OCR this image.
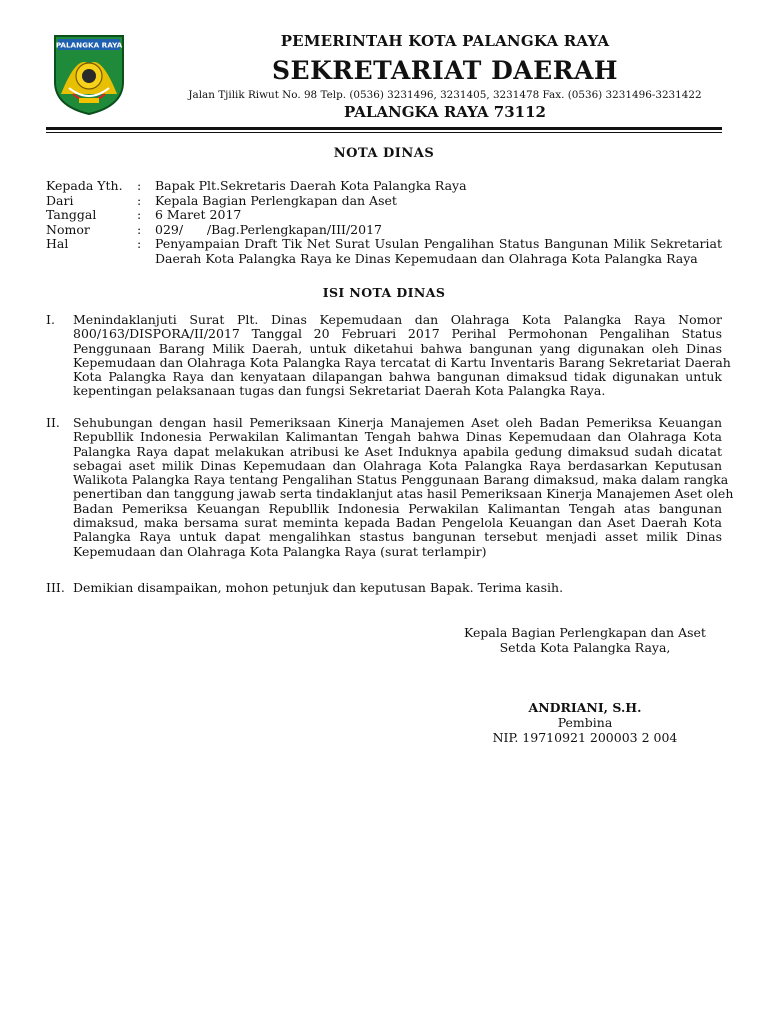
PALANGKA RAYA	PEMERINTAH KOTA PALANGKA RAYA
SEKRETARIAT DAERAH
Jalan Tjilik Riwut No. 98 Telp. (0536) 3231496, 3231405, 3231478 Fax. (0536) 3231496-3231422
PALANGKA RAYA 73112
NOTA DINAS
Kepada Yth. : Bapak Plt.Sekretaris Daerah Kota Palangka Raya
Dari	: Kepala Bagian Perlengkapan dan Aset
Tanggal	: 6 Maret 2017
Nomor	: 029/      /Bag.Perlengkapan/III/2017
Hal	: Penyampaian Draft Tik Net Surat Usulan Pengalihan Status Bangunan Milik Sekretariat Daerah Kota Palangka Raya ke Dinas Kepemudaan dan Olahraga Kota Palangka Raya
ISI NOTA DINAS
I. Menindaklanjuti Surat Plt. Dinas Kepemudaan dan Olahraga Kota Palangka Raya Nomor
800/163/DISPORA/II/2017 Tanggal 20 Februari 2017 Perihal Permohonan Pengalihan Status
Penggunaan Barang Milik Daerah, untuk diketahui bahwa bangunan yang digunakan oleh Dinas
Kepemudaan dan Olahraga Kota Palangka Raya tercatat di Kartu Inventaris Barang Sekretariat Daerah
Kota Palangka Raya dan kenyataan dilapangan bahwa bangunan dimaksud tidak digunakan untuk
kepentingan pelaksanaan tugas dan fungsi Sekretariat Daerah Kota Palangka Raya.
II. Sehubungan dengan hasil Pemeriksaan Kinerja Manajemen Aset oleh Badan Pemeriksa Keuangan
Republlik Indonesia Perwakilan Kalimantan Tengah bahwa Dinas Kepemudaan dan Olahraga Kota
Palangka Raya dapat melakukan atribusi ke Aset Induknya apabila gedung dimaksud sudah dicatat
sebagai aset milik Dinas Kepemudaan dan Olahraga Kota Palangka Raya berdasarkan Keputusan
Walikota Palangka Raya tentang Pengalihan Status Penggunaan Barang dimaksud, maka dalam rangka
penertiban dan tanggung jawab serta tindaklanjut atas hasil Pemeriksaan Kinerja Manajemen Aset oleh
Badan Pemeriksa Keuangan Republlik Indonesia Perwakilan Kalimantan Tengah atas bangunan
dimaksud, maka bersama surat meminta kepada Badan Pengelola Keuangan dan Aset Daerah Kota
Palangka Raya untuk dapat mengalihkan stastus bangunan tersebut menjadi asset milik Dinas
Kepemudaan dan Olahraga Kota Palangka Raya (surat terlampir)
III. Demikian disampaikan, mohon petunjuk dan keputusan Bapak. Terima kasih.
Kepala Bagian Perlengkapan dan Aset
Setda Kota Palangka Raya,
ANDRIANI, S.H.
Pembina
NIP. 19710921 200003 2 004
